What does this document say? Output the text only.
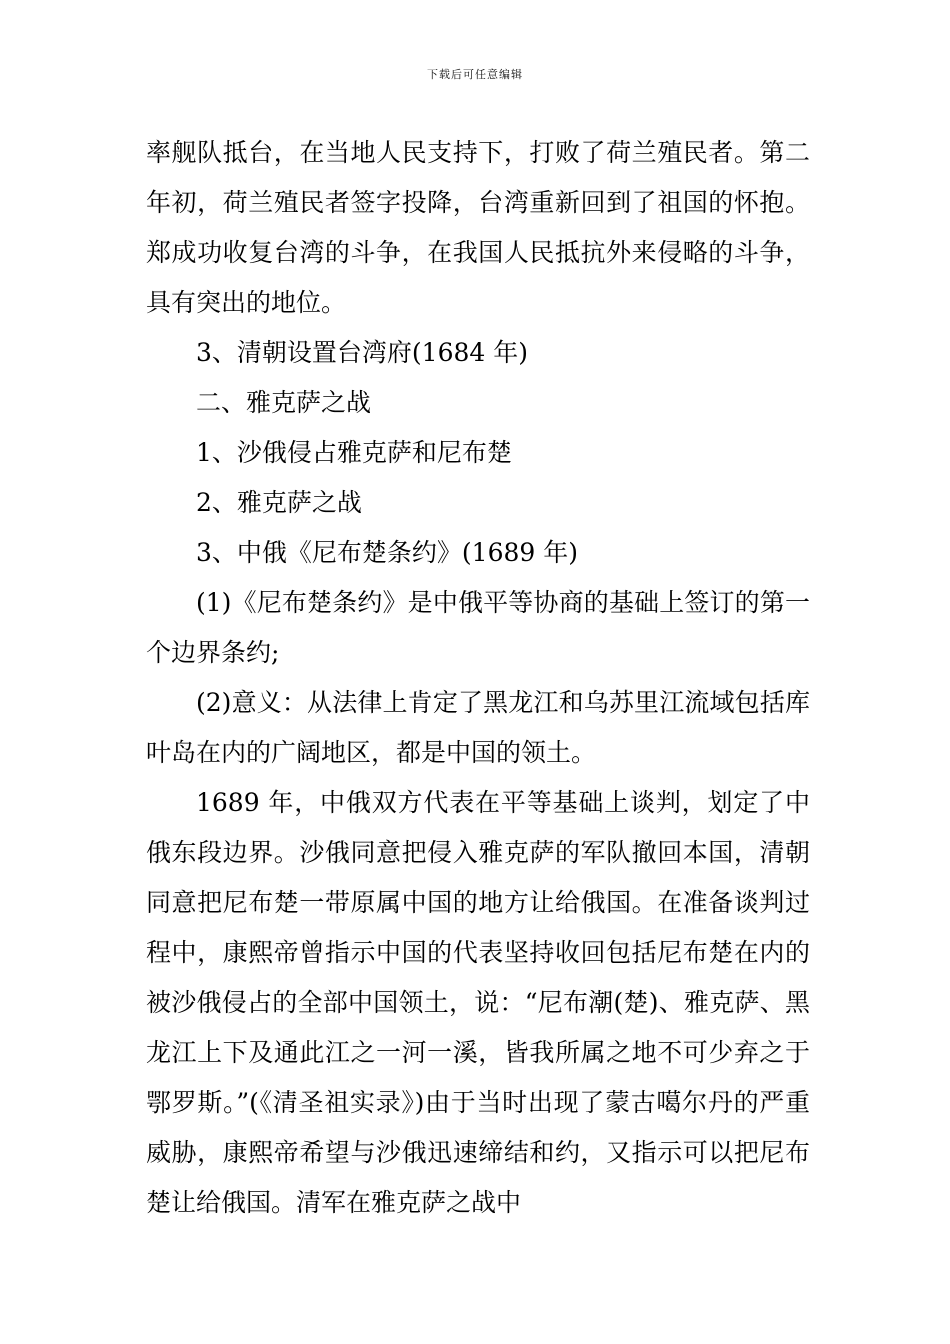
下载后可任意编辑

率舰队抵台，在当地人民支持下，打败了荷兰殖民者。第二年初，荷兰殖民者签字投降，台湾重新回到了祖国的怀抱。郑成功收复台湾的斗争，在我国人民抵抗外来侵略的斗争，具有突出的地位。

3、清朝设置台湾府(1684 年)

二、雅克萨之战

1、沙俄侵占雅克萨和尼布楚

2、雅克萨之战

3、中俄《尼布楚条约》(1689 年)

(1)《尼布楚条约》是中俄平等协商的基础上签订的第一个边界条约;

(2)意义：从法律上肯定了黑龙江和乌苏里江流域包括库叶岛在内的广阔地区，都是中国的领土。

1689 年，中俄双方代表在平等基础上谈判，划定了中俄东段边界。沙俄同意把侵入雅克萨的军队撤回本国，清朝同意把尼布楚一带原属中国的地方让给俄国。在准备谈判过程中，康熙帝曾指示中国的代表坚持收回包括尼布楚在内的被沙俄侵占的全部中国领土，说：“尼布潮(楚)、雅克萨、黑龙江上下及通此江之一河一溪，皆我所属之地不可少弃之于鄂罗斯。”(《清圣祖实录》)由于当时出现了蒙古噶尔丹的严重威胁，康熙帝希望与沙俄迅速缔结和约，又指示可以把尼布楚让给俄国。清军在雅克萨之战中
